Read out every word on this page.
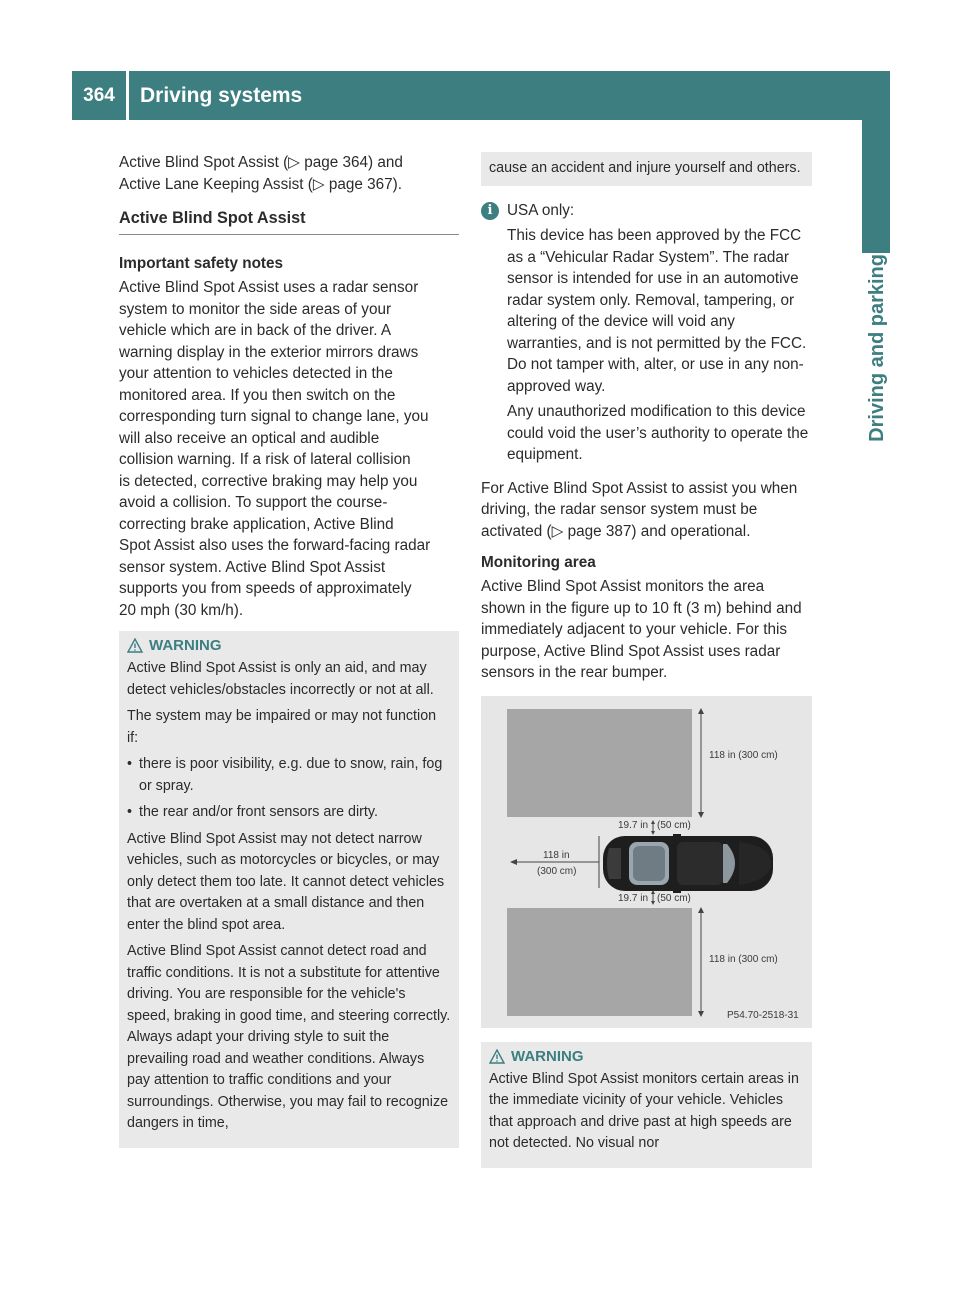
364	Driving systems
Driving and parking

Active Blind Spot Assist (▷ page 364) and

Active Lane Keeping Assist (▷ page 367).

Active Blind Spot Assist
Important safety notes

Active Blind Spot Assist uses a radar sensor

system to monitor the side areas of your

vehicle which are in back of the driver. A

warning display in the exterior mirrors draws

your attention to vehicles detected in the

monitored area. If you then switch on the

corresponding turn signal to change lane, you

will also receive an optical and audible

collision warning. If a risk of lateral collision

is detected, corrective braking may help you

avoid a collision. To support the course-

correcting brake application, Active Blind

Spot Assist also uses the forward-facing radar

sensor system. Active Blind Spot Assist

supports you from speeds of approximately

20 mph (30 km/h).

WARNING

Active Blind Spot Assist is only an aid, and may detect vehicles/obstacles incorrectly or not at all.

The system may be impaired or may not function if:

• there is poor visibility, e.g. due to snow, rain, fog or spray.
• the rear and/or front sensors are dirty.

Active Blind Spot Assist may not detect narrow vehicles, such as motorcycles or bicycles, or may only detect them too late. It cannot detect vehicles that are overtaken at a small distance and then enter the blind spot area.

Active Blind Spot Assist cannot detect road and traffic conditions. It is not a substitute for attentive driving. You are responsible for the vehicle's speed, braking in good time, and steering correctly. Always adapt your driving style to suit the prevailing road and weather conditions. Always pay attention to traffic conditions and your surroundings. Otherwise, you may fail to recognize dangers in time,

cause an accident and injure yourself and others.

i USA only:

This device has been approved by the FCC as a “Vehicular Radar System”. The radar sensor is intended for use in an automotive radar system only. Removal, tampering, or altering of the device will void any warranties, and is not permitted by the FCC. Do not tamper with, alter, or use in any non-approved way.

Any unauthorized modification to this device could void the user’s authority to operate the equipment.

For Active Blind Spot Assist to assist you when driving, the radar sensor system must be activated (▷ page 387) and operational.

Monitoring area

Active Blind Spot Assist monitors the area shown in the figure up to 10 ft (3 m) behind and immediately adjacent to your vehicle. For this purpose, Active Blind Spot Assist uses radar sensors in the rear bumper.

118 in (300 cm)
19.7 in (50 cm)
118 in
(300 cm)
19.7 in (50 cm)
118 in (300 cm)
P54.70-2518-31
WARNING

Active Blind Spot Assist monitors certain areas in the immediate vicinity of your vehicle. Vehicles that approach and drive past at high speeds are not detected. No visual nor
